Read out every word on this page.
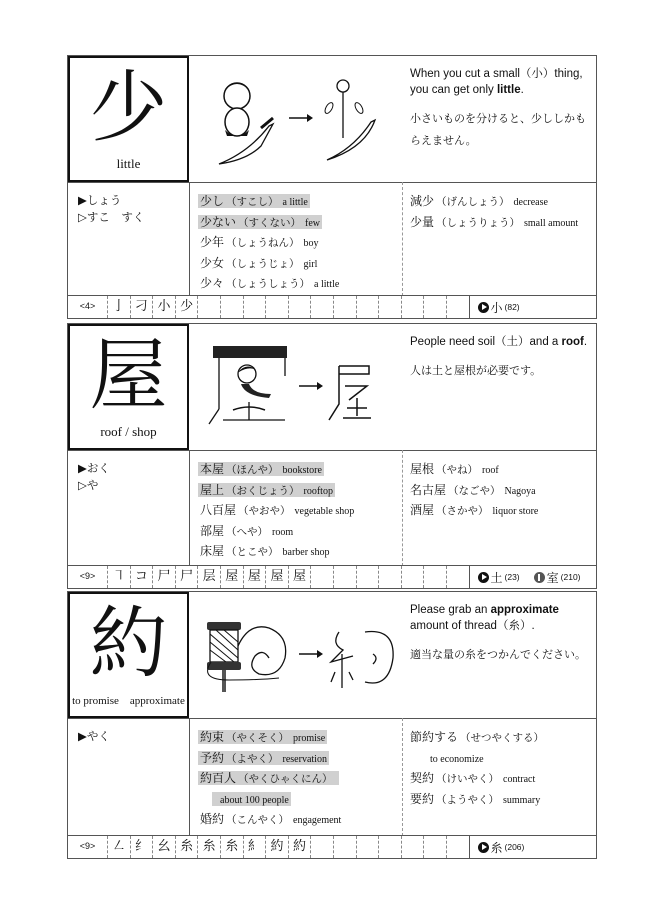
少
little
When you cut a small（小）thing, you can get only little.
小さいものを分けると、少ししかもらえません。
▶しょう
▷すこ　すく
少し （すこし） a little
少ない （すくない） few
少年 （しょうねん） boy
少女 （しょうじょ） girl
少々 （しょうしょう） a little
減少 （げんしょう） decrease
少量 （しょうりょう） small amount
<4>	亅 刁 小 少	小 (82)
屋
roof / shop
People need soil（土）and a roof.
人は土と屋根が必要です。
▶おく
▷や
本屋 （ほんや） bookstore
屋上 （おくじょう） rooftop
八百屋 （やおや） vegetable shop
部屋 （へや） room
床屋 （とこや） barber shop
屋根 （やね） roof
名古屋 （なごや） Nagoya
酒屋 （さかや） liquor store
<9>	㇕ コ 尸 尸 层 屋 屋 屋 屋	土 (23) 室 (210)
約
to promise　approximate
Please grab an approximate amount of thread（糸）.
適当な量の糸をつかんでください。
▶やく	約束 （やくそく） promise
予約 （よやく） reservation
約百人 （やくひゃくにん）
about 100 people
婚約 （こんやく） engagement
節約する （せつやくする）
to economize
契約 （けいやく） contract
要約 （ようやく） summary
<9>	㇜ 纟 幺 糸 糸 糸 糹 約 約	糸 (206)
